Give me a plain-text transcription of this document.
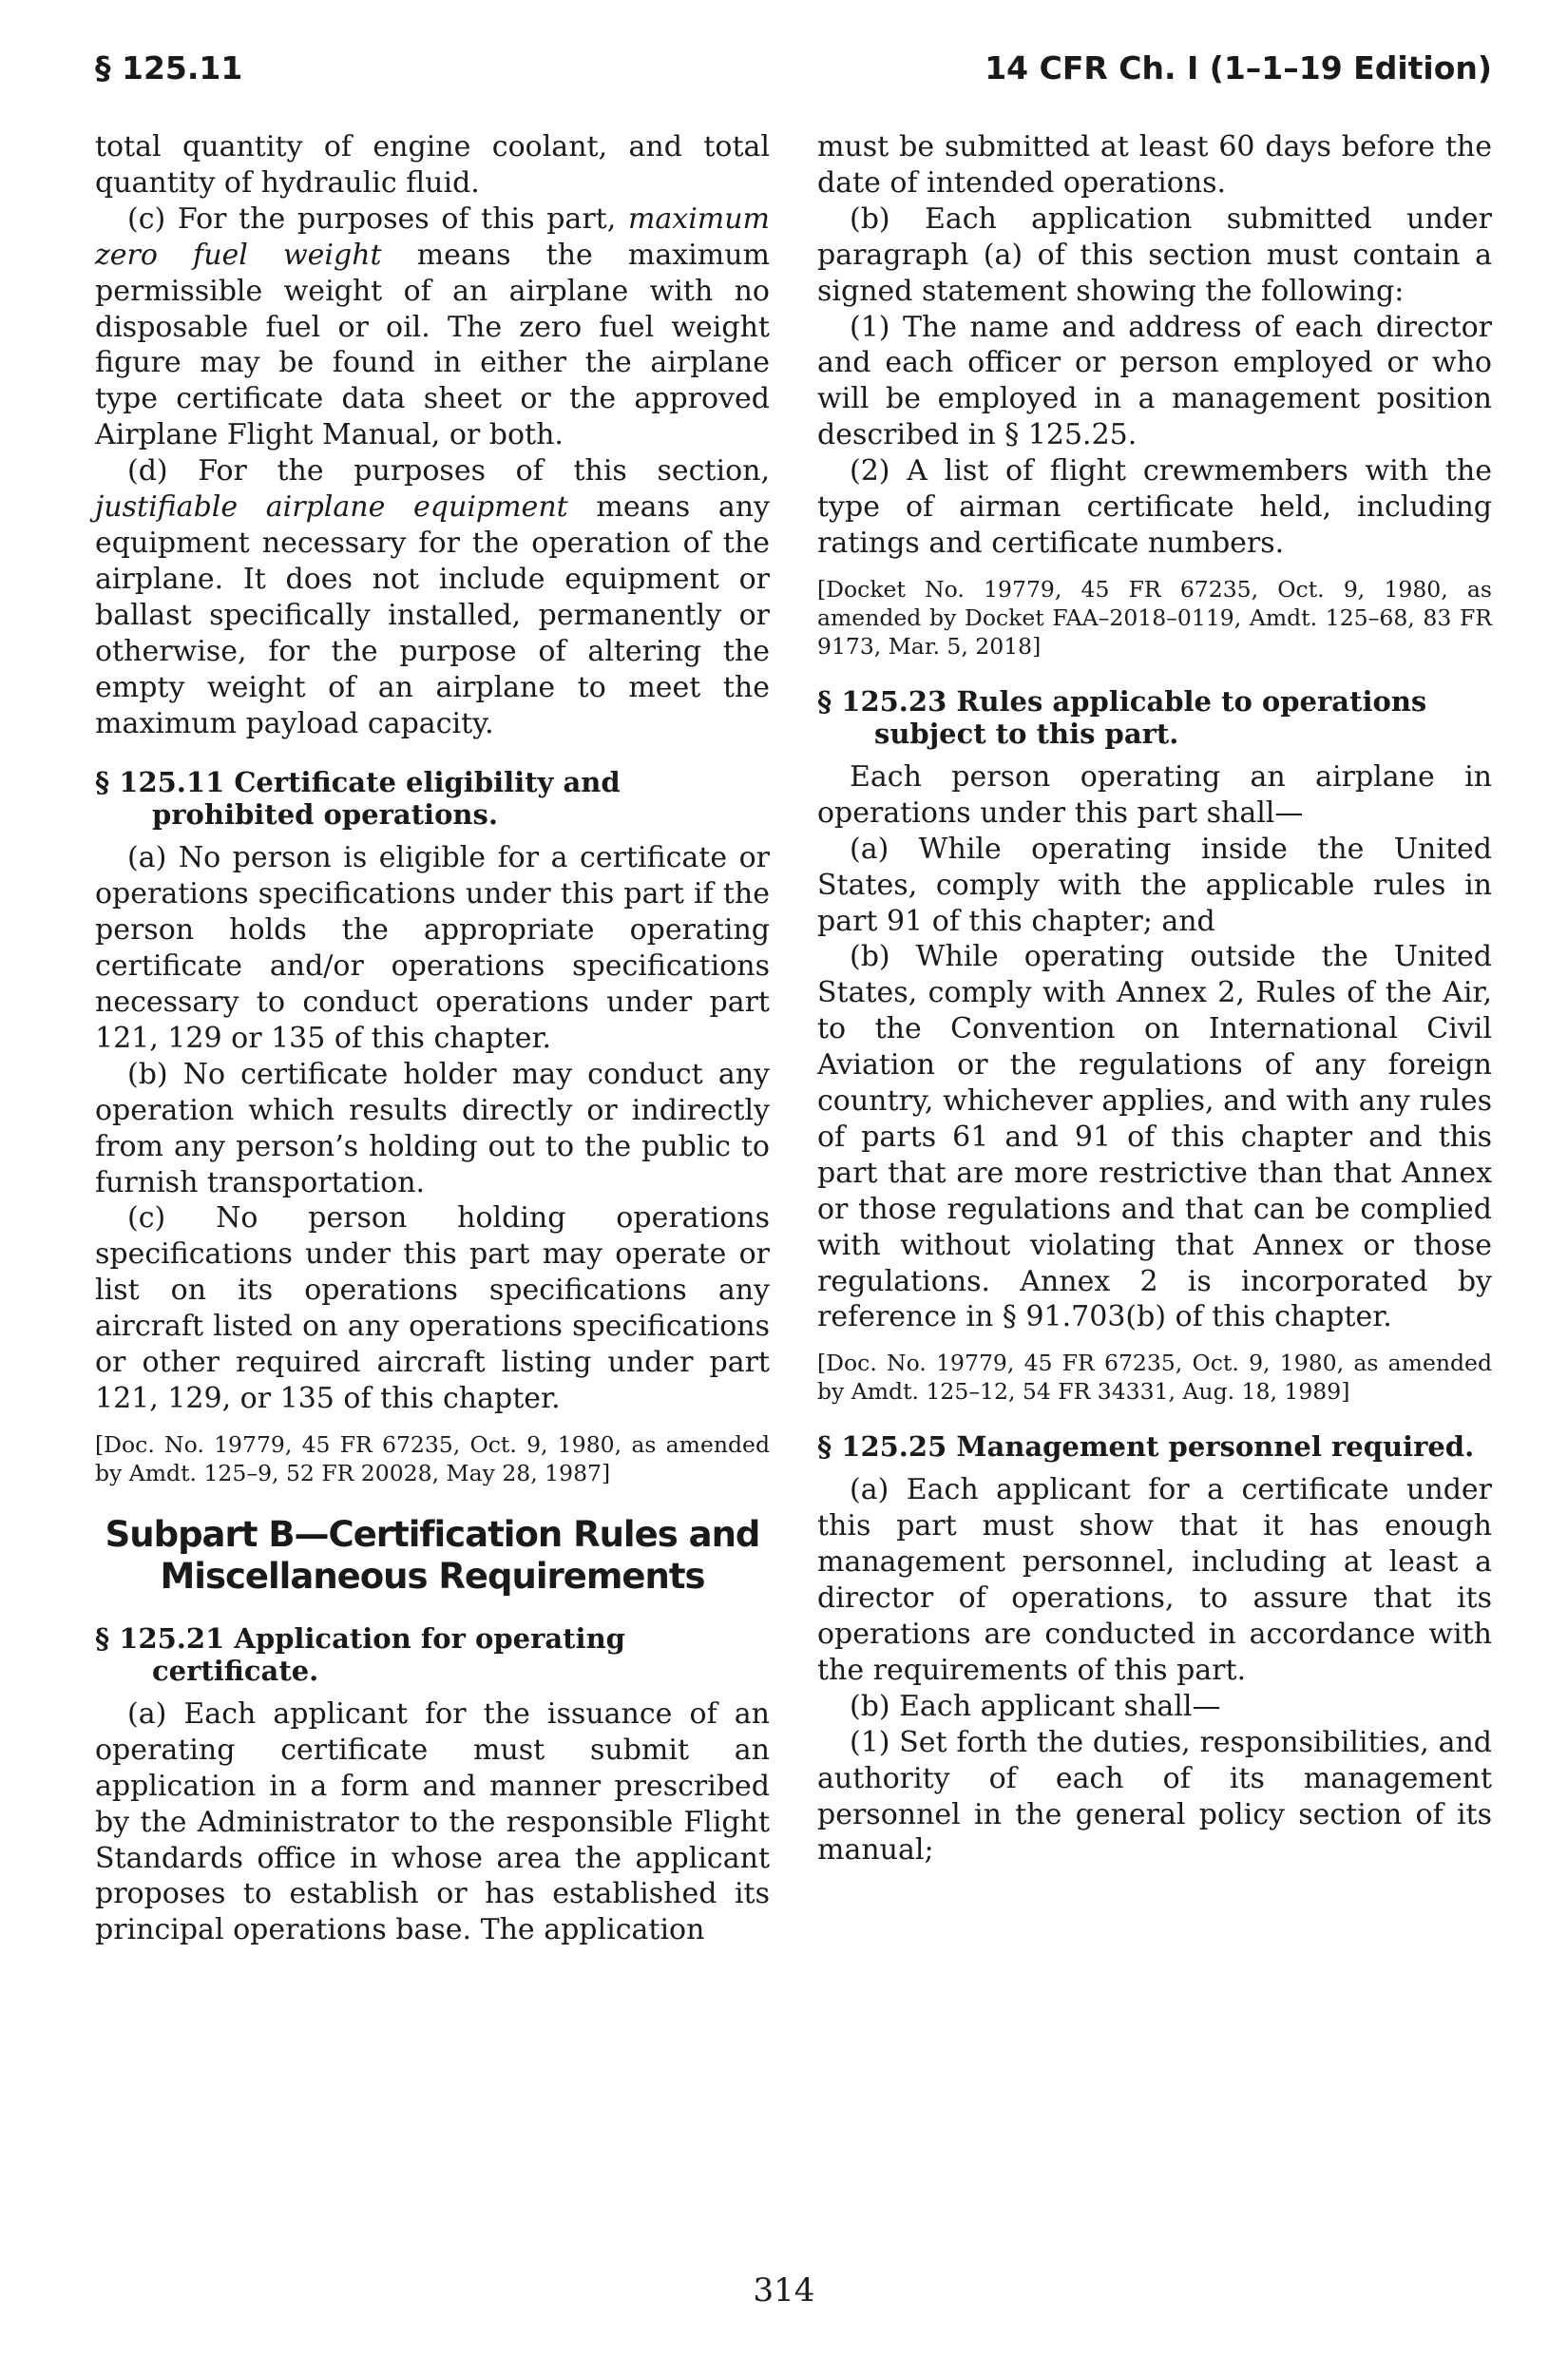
§ 125.11	14 CFR Ch. I (1–1–19 Edition)

total quantity of engine coolant, and total quantity of hydraulic fluid.

(c) For the purposes of this part, maximum zero fuel weight means the maximum permissible weight of an airplane with no disposable fuel or oil. The zero fuel weight figure may be found in either the airplane type certificate data sheet or the approved Airplane Flight Manual, or both.

(d) For the purposes of this section, justifiable airplane equipment means any equipment necessary for the operation of the airplane. It does not include equipment or ballast specifically installed, permanently or otherwise, for the purpose of altering the empty weight of an airplane to meet the maximum payload capacity.

§ 125.11 Certificate eligibility and prohibited operations.

(a) No person is eligible for a certificate or operations specifications under this part if the person holds the appropriate operating certificate and/or operations specifications necessary to conduct operations under part 121, 129 or 135 of this chapter.

(b) No certificate holder may conduct any operation which results directly or indirectly from any person’s holding out to the public to furnish transportation.

(c) No person holding operations specifications under this part may operate or list on its operations specifications any aircraft listed on any operations specifications or other required aircraft listing under part 121, 129, or 135 of this chapter.

[Doc. No. 19779, 45 FR 67235, Oct. 9, 1980, as amended by Amdt. 125–9, 52 FR 20028, May 28, 1987]
Subpart B—Certification Rules and Miscellaneous Requirements
§ 125.21 Application for operating certificate.

(a) Each applicant for the issuance of an operating certificate must submit an application in a form and manner prescribed by the Administrator to the responsible Flight Standards office in whose area the applicant proposes to establish or has established its principal operations base. The application

must be submitted at least 60 days before the date of intended operations.

(b) Each application submitted under paragraph (a) of this section must contain a signed statement showing the following:

(1) The name and address of each director and each officer or person employed or who will be employed in a management position described in § 125.25.

(2) A list of flight crewmembers with the type of airman certificate held, including ratings and certificate numbers.

[Docket No. 19779, 45 FR 67235, Oct. 9, 1980, as amended by Docket FAA–2018–0119, Amdt. 125–68, 83 FR 9173, Mar. 5, 2018]
§ 125.23 Rules applicable to operations subject to this part.

Each person operating an airplane in operations under this part shall—

(a) While operating inside the United States, comply with the applicable rules in part 91 of this chapter; and

(b) While operating outside the United States, comply with Annex 2, Rules of the Air, to the Convention on International Civil Aviation or the regulations of any foreign country, whichever applies, and with any rules of parts 61 and 91 of this chapter and this part that are more restrictive than that Annex or those regulations and that can be complied with without violating that Annex or those regulations. Annex 2 is incorporated by reference in § 91.703(b) of this chapter.

[Doc. No. 19779, 45 FR 67235, Oct. 9, 1980, as amended by Amdt. 125–12, 54 FR 34331, Aug. 18, 1989]
§ 125.25 Management personnel required.

(a) Each applicant for a certificate under this part must show that it has enough management personnel, including at least a director of operations, to assure that its operations are conducted in accordance with the requirements of this part.

(b) Each applicant shall—

(1) Set forth the duties, responsibilities, and authority of each of its management personnel in the general policy section of its manual;

314
